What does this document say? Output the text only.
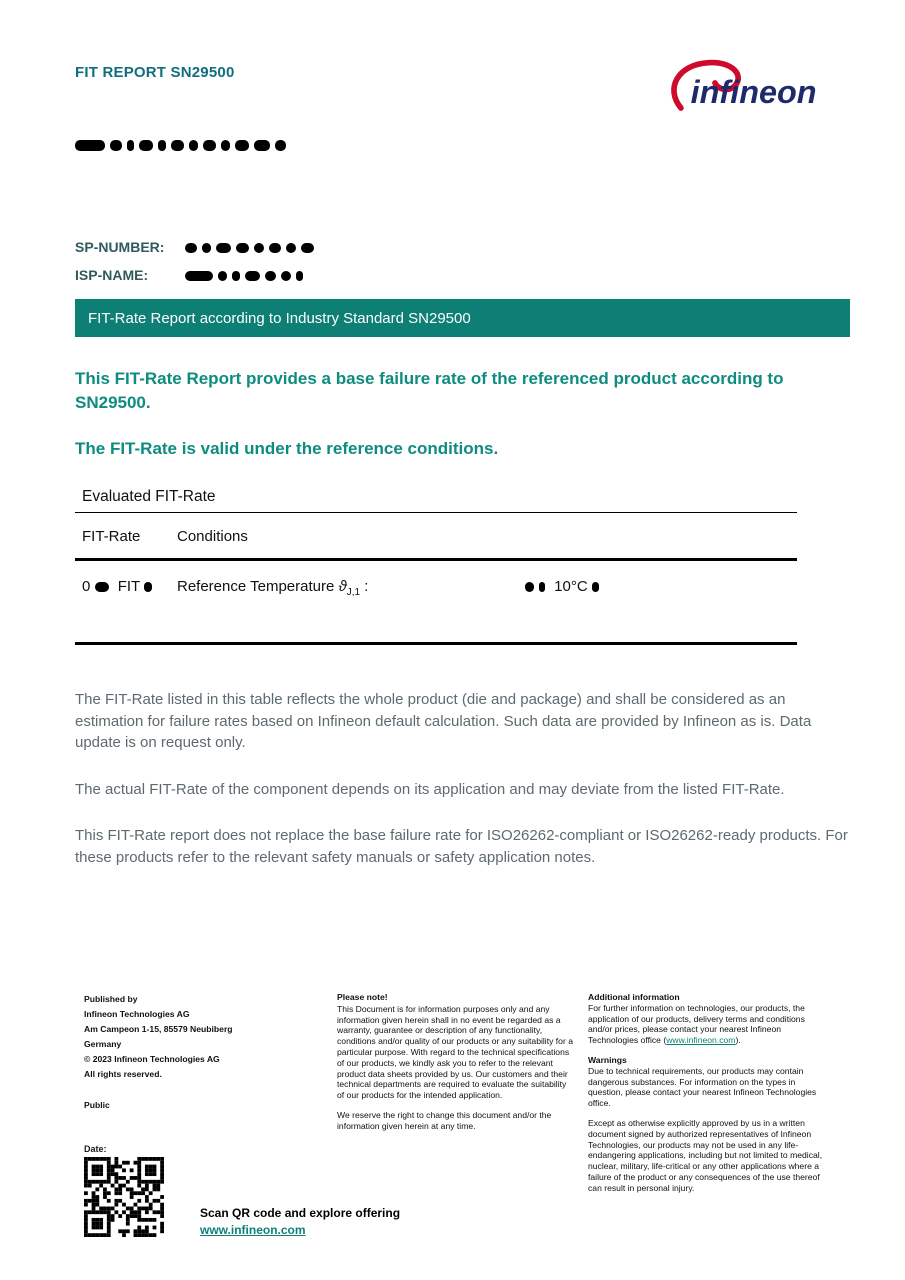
FIT REPORT SN29500
infineon
SP-NUMBER:
ISP-NAME:
FIT-Rate Report according to Industry Standard SN29500
This FIT-Rate Report provides a base failure rate of the referenced product according to SN29500.
The FIT-Rate is valid under the reference conditions.
Evaluated FIT-Rate
FIT-Rate Conditions
0 FIT	Reference Temperature $ϑ_{J,1}$ :	10°C

The FIT-Rate listed in this table reflects the whole product (die and package) and shall be considered as an estimation for failure rates based on Infineon default calculation. Such data are provided by Infineon as is. Data update is on request only.

The actual FIT-Rate of the component depends on its application and may deviate from the listed FIT-Rate.

This FIT-Rate report does not replace the base failure rate for ISO26262-compliant or ISO26262-ready products. For these products refer to the relevant safety manuals or safety application notes.

Published by
Infineon Technologies AG
Am Campeon 1-15, 85579 Neubiberg
Germany
© 2023 Infineon Technologies AG
All rights reserved.
Public
Please note!
This Document is for information purposes only and any information given herein shall in no event be regarded as a warranty, guarantee or description of any functionality, conditions and/or quality of our products or any suitability for a particular purpose. With regard to the technical specifications of our products, we kindly ask you to refer to the relevant product data sheets provided by us. Our customers and their technical departments are required to evaluate the suitability of our products for the intended application.
We reserve the right to change this document and/or the information given herein at any time.
Additional information
For further information on technologies, our products, the application of our products, delivery terms and conditions and/or prices, please contact your nearest Infineon Technologies office (www.infineon.com).
Warnings
Due to technical requirements, our products may contain dangerous substances. For information on the types in question, please contact your nearest Infineon Technologies office.
Except as otherwise explicitly approved by us in a written document signed by authorized representatives of Infineon Technologies, our products may not be used in any life-endangering applications, including but not limited to medical, nuclear, military, life-critical or any other applications where a failure of the product or any consequences of the use thereof can result in personal injury.
Date:
Scan QR code and explore offering
www.infineon.com
